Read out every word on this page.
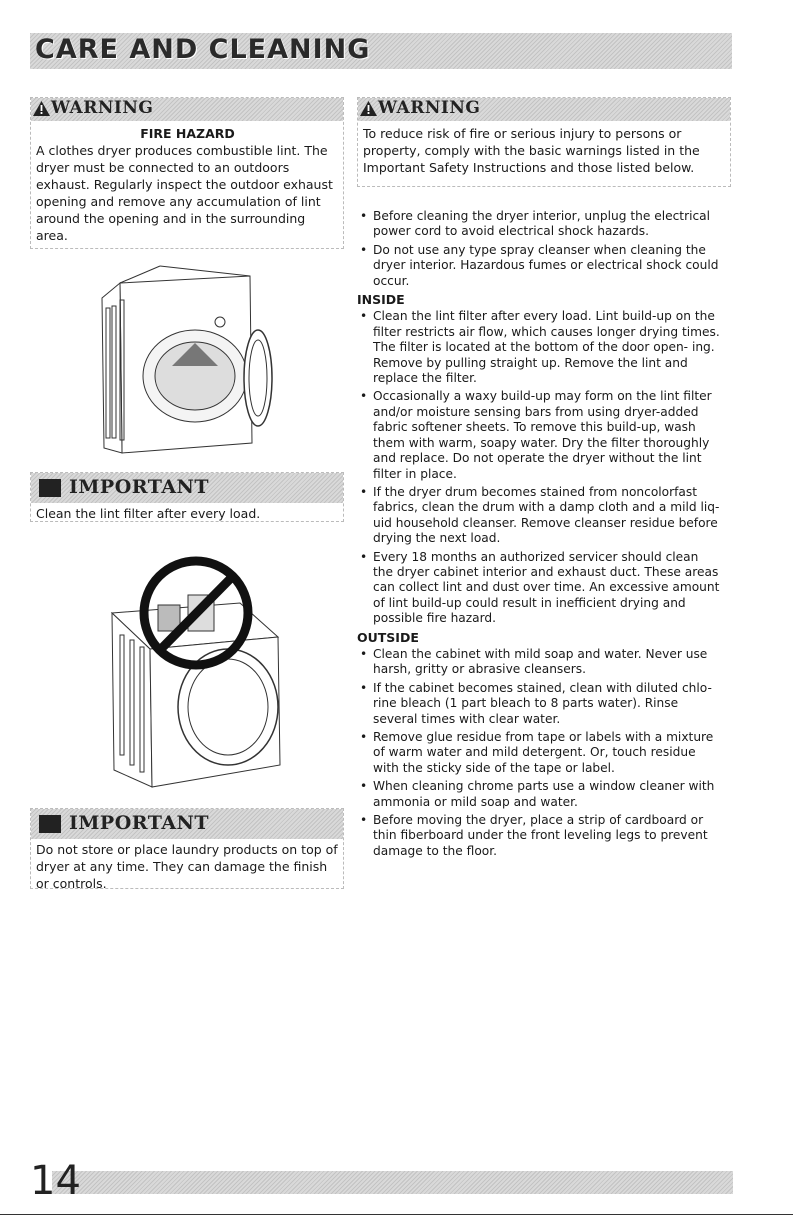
CARE AND CLEANING
WARNING
FIRE HAZARD
A clothes dryer produces combustible lint. The dryer must be connected to an outdoors exhaust. Regularly inspect the outdoor exhaust opening and remove any accumulation of lint around the opening and in the surrounding area.
IMPORTANT
Clean the lint filter after every load.
IMPORTANT
Do not store or place laundry products on top of dryer at any time. They can damage the finish or controls.
WARNING
To reduce risk of fire or serious injury to persons or property, comply with the basic warnings listed in the Important Safety Instructions and those listed below.
• Before cleaning the dryer interior, unplug the electrical power cord to avoid electrical shock hazards.
• Do not use any type spray cleanser when cleaning the dryer interior. Hazardous fumes or electrical shock could occur.
INSIDE
• Clean the lint filter after every load. Lint build-up on the filter restricts air flow, which causes longer drying times. The filter is located at the bottom of the door open- ing. Remove by pulling straight up. Remove the lint and replace the filter.
• Occasionally a waxy build-up may form on the lint filter and/or moisture sensing bars from using dryer-added fabric softener sheets. To remove this build-up, wash them with warm, soapy water. Dry the filter thoroughly and replace. Do not operate the dryer without the lint filter in place.
• If the dryer drum becomes stained from noncolorfast fabrics, clean the drum with a damp cloth and a mild liq- uid household cleanser. Remove cleanser residue before drying the next load.
• Every 18 months an authorized servicer should clean the dryer cabinet interior and exhaust duct. These areas can collect lint and dust over time. An excessive amount of lint build-up could result in inefficient drying and possible fire hazard.
OUTSIDE
• Clean the cabinet with mild soap and water. Never use harsh, gritty or abrasive cleansers.
• If the cabinet becomes stained, clean with diluted chlo- rine bleach (1 part bleach to 8 parts water). Rinse several times with clear water.
• Remove glue residue from tape or labels with a mixture of warm water and mild detergent. Or, touch residue with the sticky side of the tape or label.
• When cleaning chrome parts use a window cleaner with ammonia or mild soap and water.
• Before moving the dryer, place a strip of cardboard or thin fiberboard under the front leveling legs to prevent damage to the floor.
14
